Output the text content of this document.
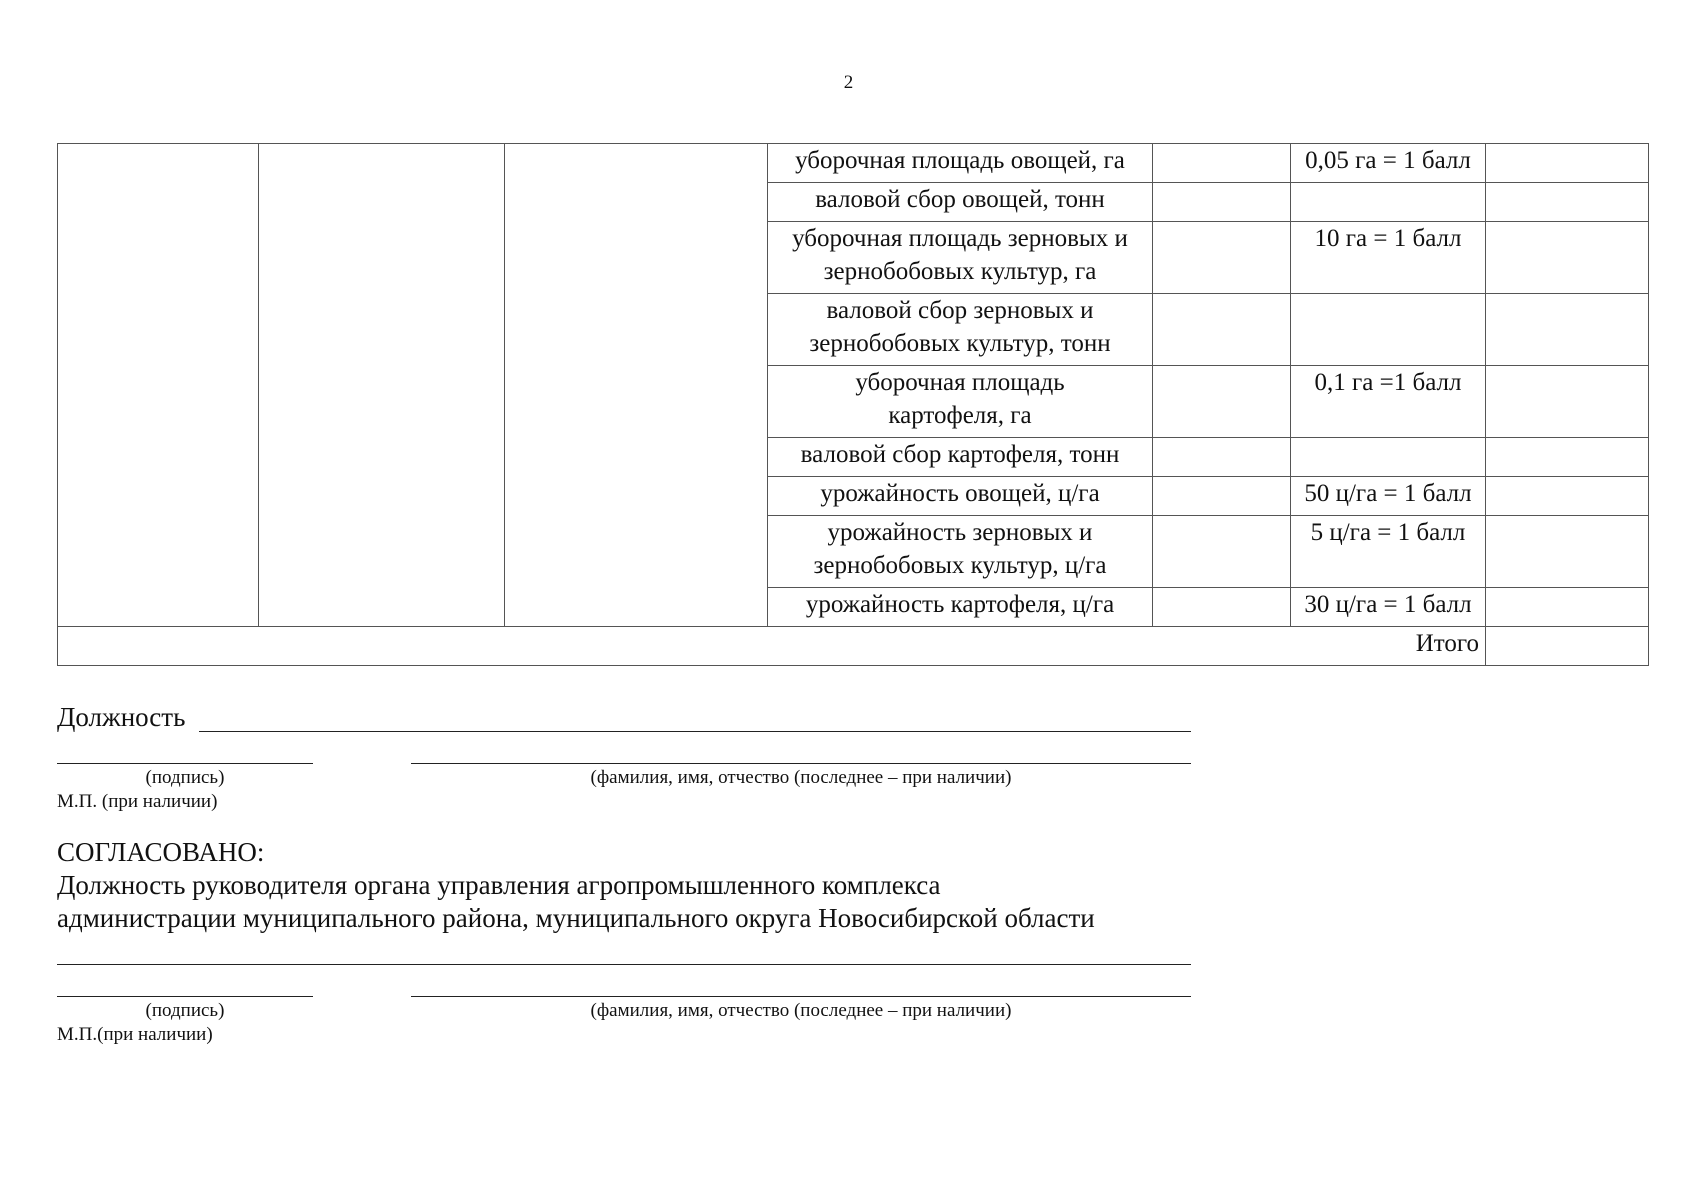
2
			уборочная площадь овощей, га		0,05 га = 1 балл	
			валовой сбор овощей, тонн			
			уборочная площадь зерновых и зернобобовых культур, га		10 га = 1 балл	
			валовой сбор зерновых и зернобобовых культур, тонн			
			уборочная площадь картофеля, га		0,1 га =1 балл	
			валовой сбор картофеля, тонн			
			урожайность овощей, ц/га		50 ц/га = 1 балл	
			урожайность зерновых и зернобобовых культур, ц/га		5 ц/га = 1 балл	
			урожайность картофеля, ц/га		30 ц/га = 1 балл	
Итого						
Должность
(подпись)	(фамилия, имя, отчество (последнее – при наличии)
М.П. (при наличии)
СОГЛАСОВАНО:
Должность руководителя органа управления агропромышленного комплекса
администрации муниципального района, муниципального округа Новосибирской области
(подпись)	(фамилия, имя, отчество (последнее – при наличии)
М.П.(при наличии)
